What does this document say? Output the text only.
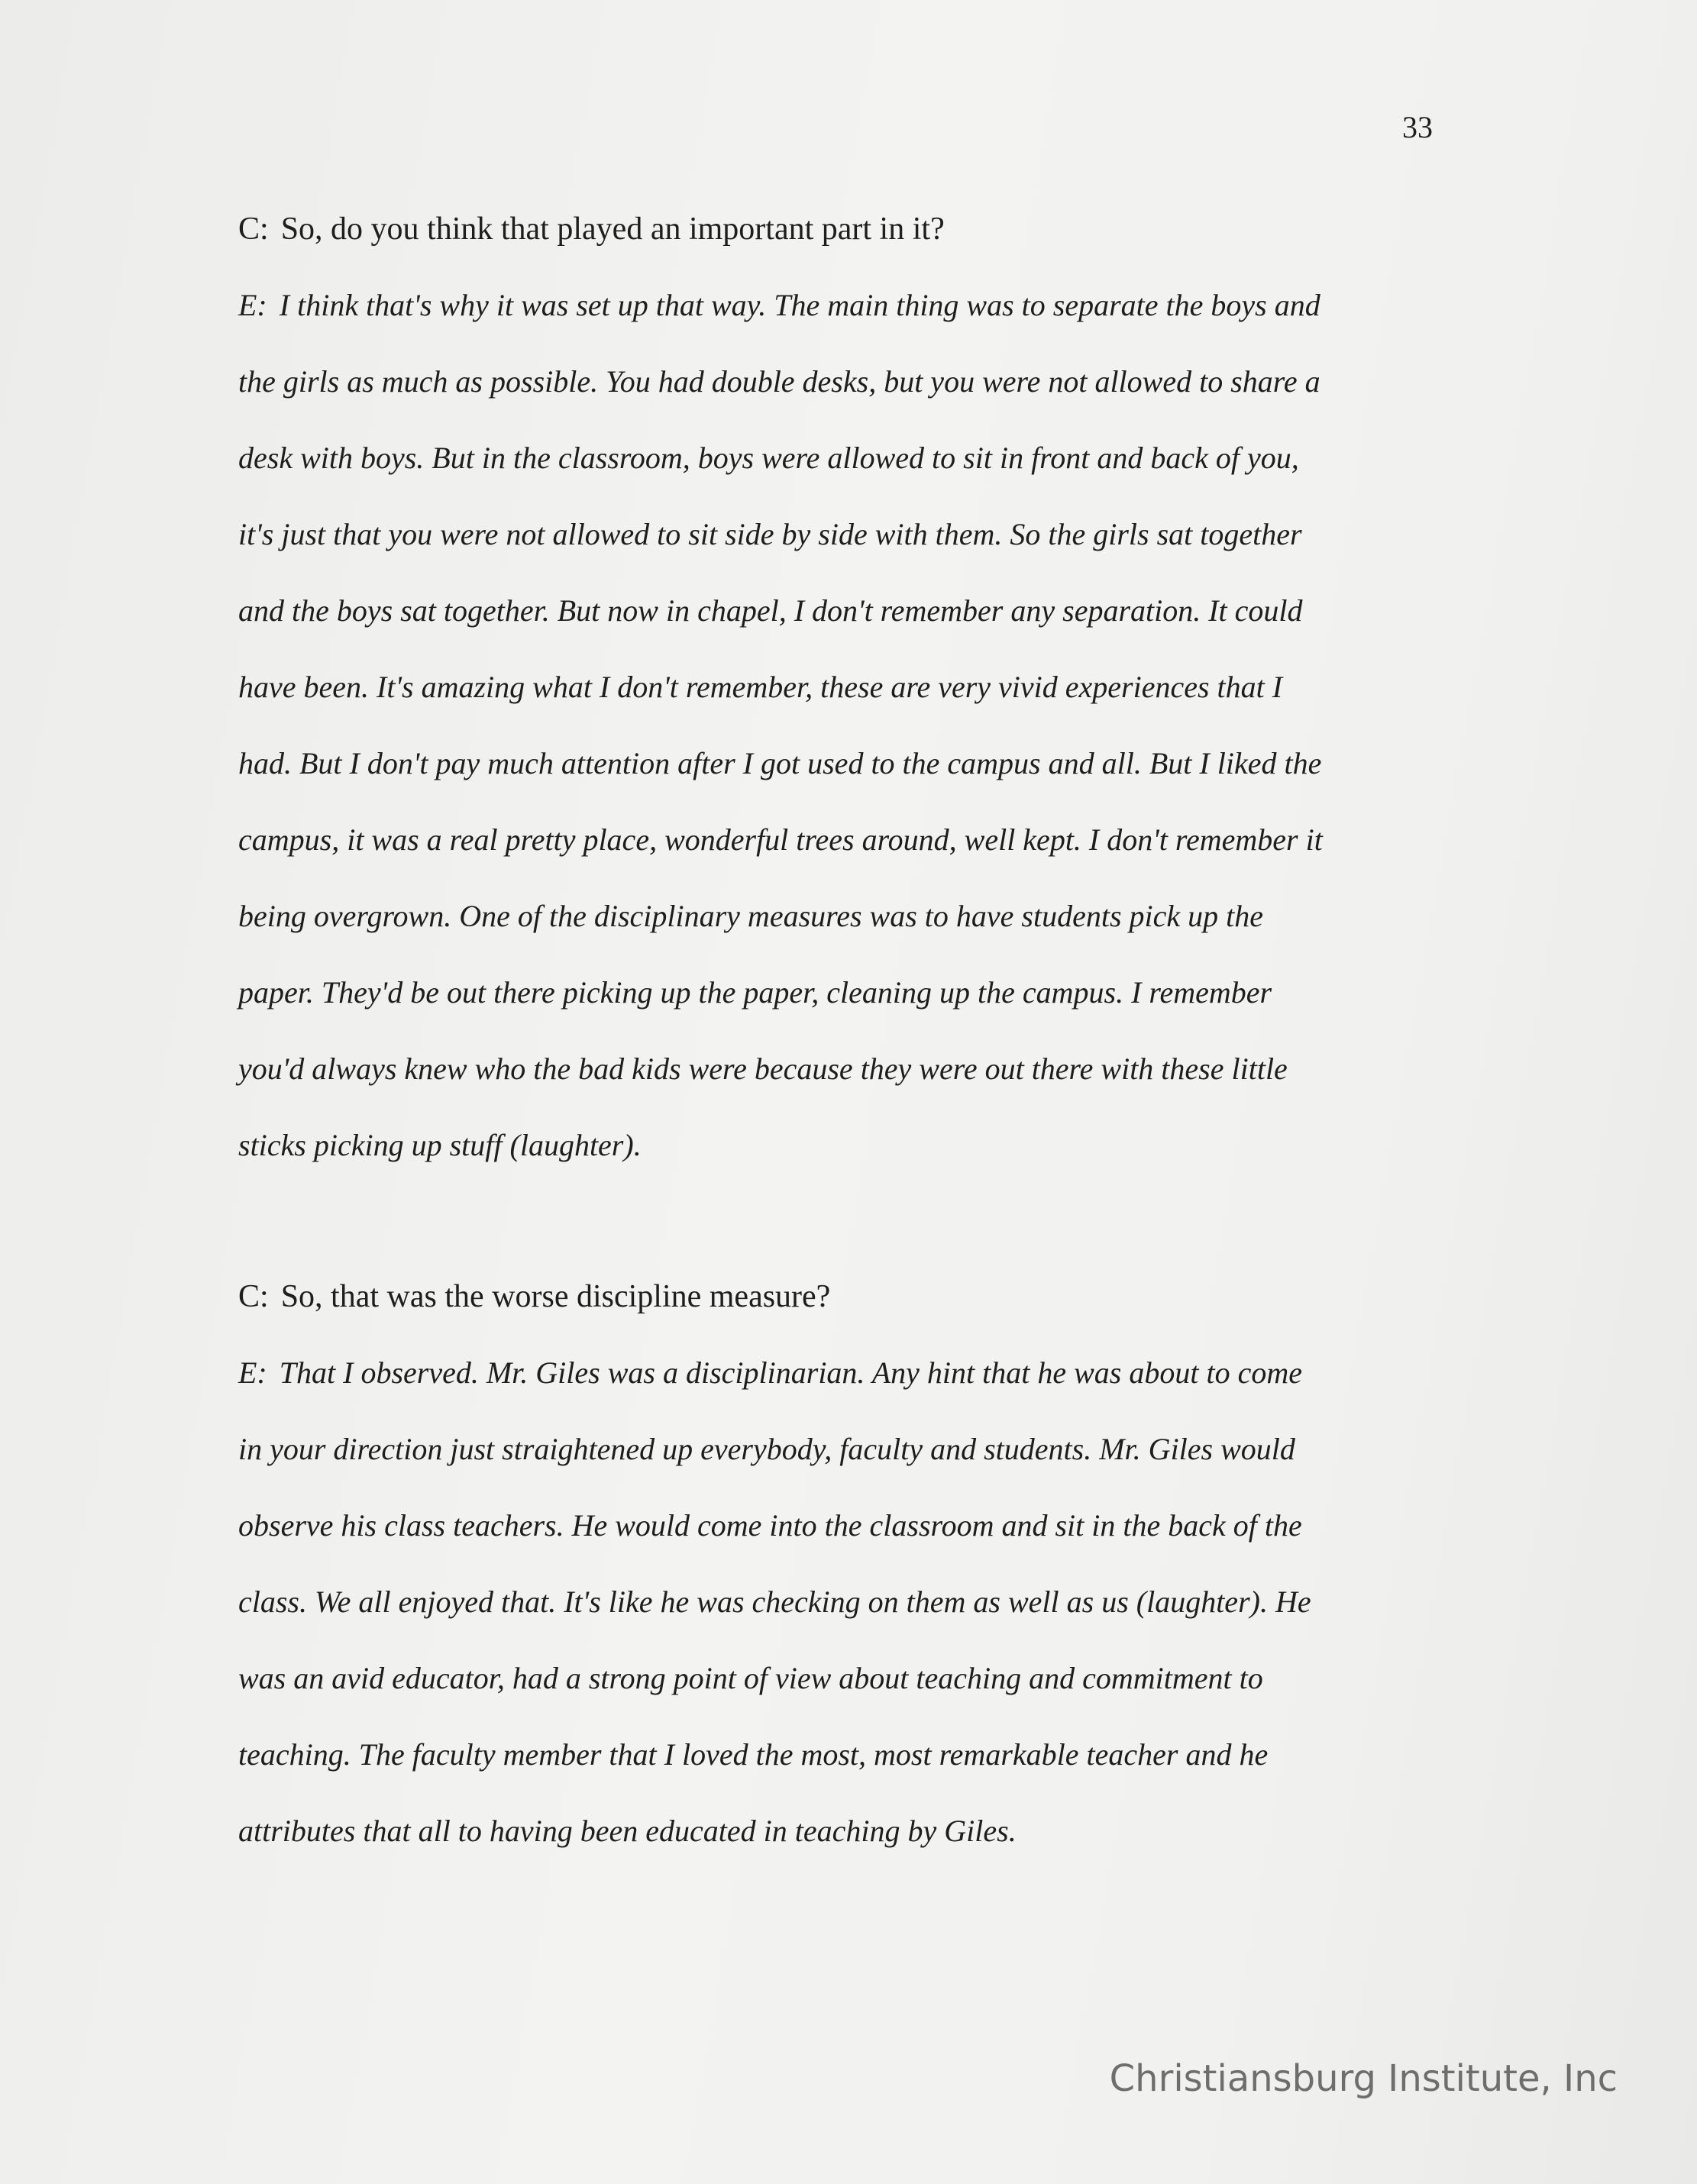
33
C: So, do you think that played an important part in it?
E: I think that's why it was set up that way. The main thing was to separate the boys and
the girls as much as possible. You had double desks, but you were not allowed to share a
desk with boys. But in the classroom, boys were allowed to sit in front and back of you,
it's just that you were not allowed to sit side by side with them. So the girls sat together
and the boys sat together. But now in chapel, I don't remember any separation. It could
have been. It's amazing what I don't remember, these are very vivid experiences that I
had. But I don't pay much attention after I got used to the campus and all. But I liked the
campus, it was a real pretty place, wonderful trees around, well kept. I don't remember it
being overgrown. One of the disciplinary measures was to have students pick up the
paper. They'd be out there picking up the paper, cleaning up the campus. I remember
you'd always knew who the bad kids were because they were out there with these little
sticks picking up stuff (laughter).
C: So, that was the worse discipline measure?
E: That I observed. Mr. Giles was a disciplinarian. Any hint that he was about to come
in your direction just straightened up everybody, faculty and students. Mr. Giles would
observe his class teachers. He would come into the classroom and sit in the back of the
class. We all enjoyed that. It's like he was checking on them as well as us (laughter). He
was an avid educator, had a strong point of view about teaching and commitment to
teaching. The faculty member that I loved the most, most remarkable teacher and he
attributes that all to having been educated in teaching by Giles.
Christiansburg Institute, Inc
